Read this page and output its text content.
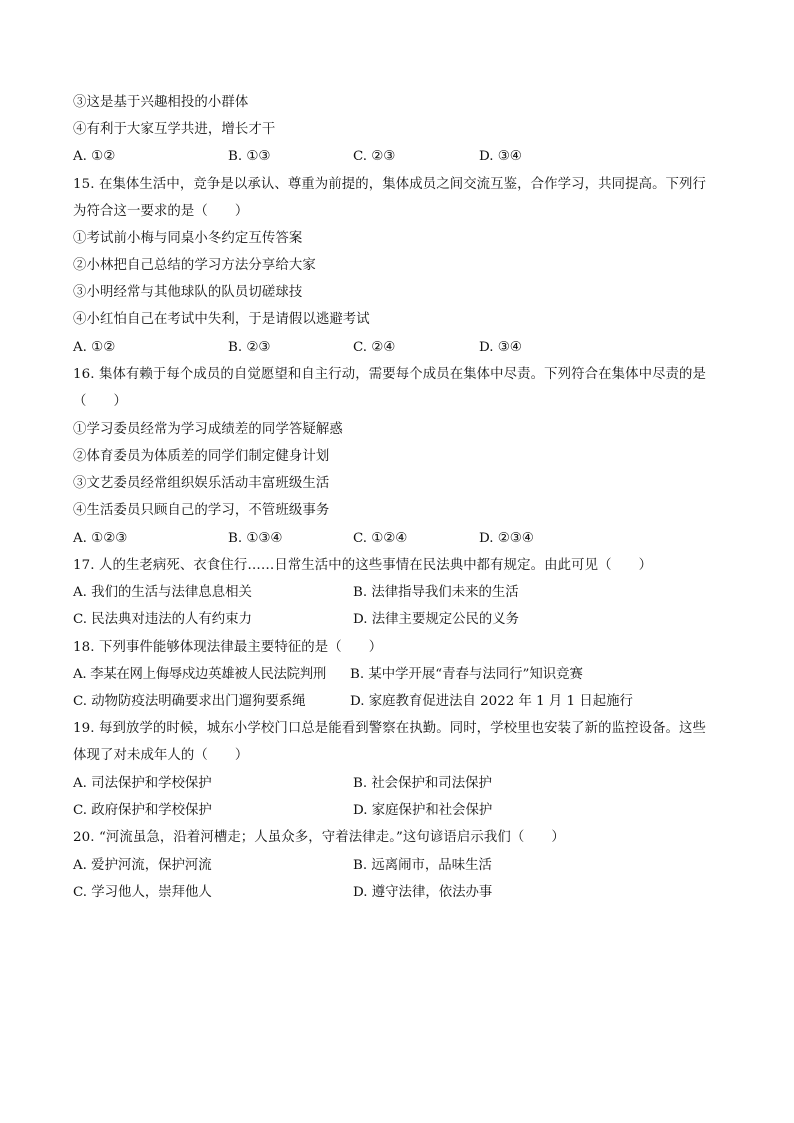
③这是基于兴趣相投的小群体
④有利于大家互学共进，增长才干
A. ①②	B. ①③	C. ②③	D. ③④
15. 在集体生活中，竞争是以承认、尊重为前提的，集体成员之间交流互鉴，合作学习，共同提高。下列行
为符合这一要求的是（　　）
①考试前小梅与同桌小冬约定互传答案
②小林把自己总结的学习方法分享给大家
③小明经常与其他球队的队员切磋球技
④小红怕自己在考试中失利，于是请假以逃避考试
A. ①②	B. ②③	C. ②④	D. ③④
16. 集体有赖于每个成员的自觉愿望和自主行动，需要每个成员在集体中尽责。下列符合在集体中尽责的是
（　　）
①学习委员经常为学习成绩差的同学答疑解惑
②体育委员为体质差的同学们制定健身计划
③文艺委员经常组织娱乐活动丰富班级生活
④生活委员只顾自己的学习，不管班级事务
A. ①②③	B. ①③④	C. ①②④	D. ②③④
17. 人的生老病死、衣食住行……日常生活中的这些事情在民法典中都有规定。由此可见（　　）
A. 我们的生活与法律息息相关	B. 法律指导我们未来的生活
C. 民法典对违法的人有约束力	D. 法律主要规定公民的义务
18. 下列事件能够体现法律最主要特征的是（　　）
A. 李某在网上侮辱戍边英雄被人民法院判刑 B. 某中学开展“青春与法同行”知识竞赛
C. 动物防疫法明确要求出门遛狗要系绳	D. 家庭教育促进法自 2022 年 1 月 1 日起施行
19. 每到放学的时候，城东小学校门口总是能看到警察在执勤。同时，学校里也安装了新的监控设备。这些
体现了对未成年人的（　　）
A. 司法保护和学校保护	B. 社会保护和司法保护
C. 政府保护和学校保护	D. 家庭保护和社会保护
20. “河流虽急，沿着河槽走；人虽众多，守着法律走。”这句谚语启示我们（　　）
A. 爱护河流，保护河流	B. 远离闹市，品味生活
C. 学习他人，崇拜他人	D. 遵守法律，依法办事
